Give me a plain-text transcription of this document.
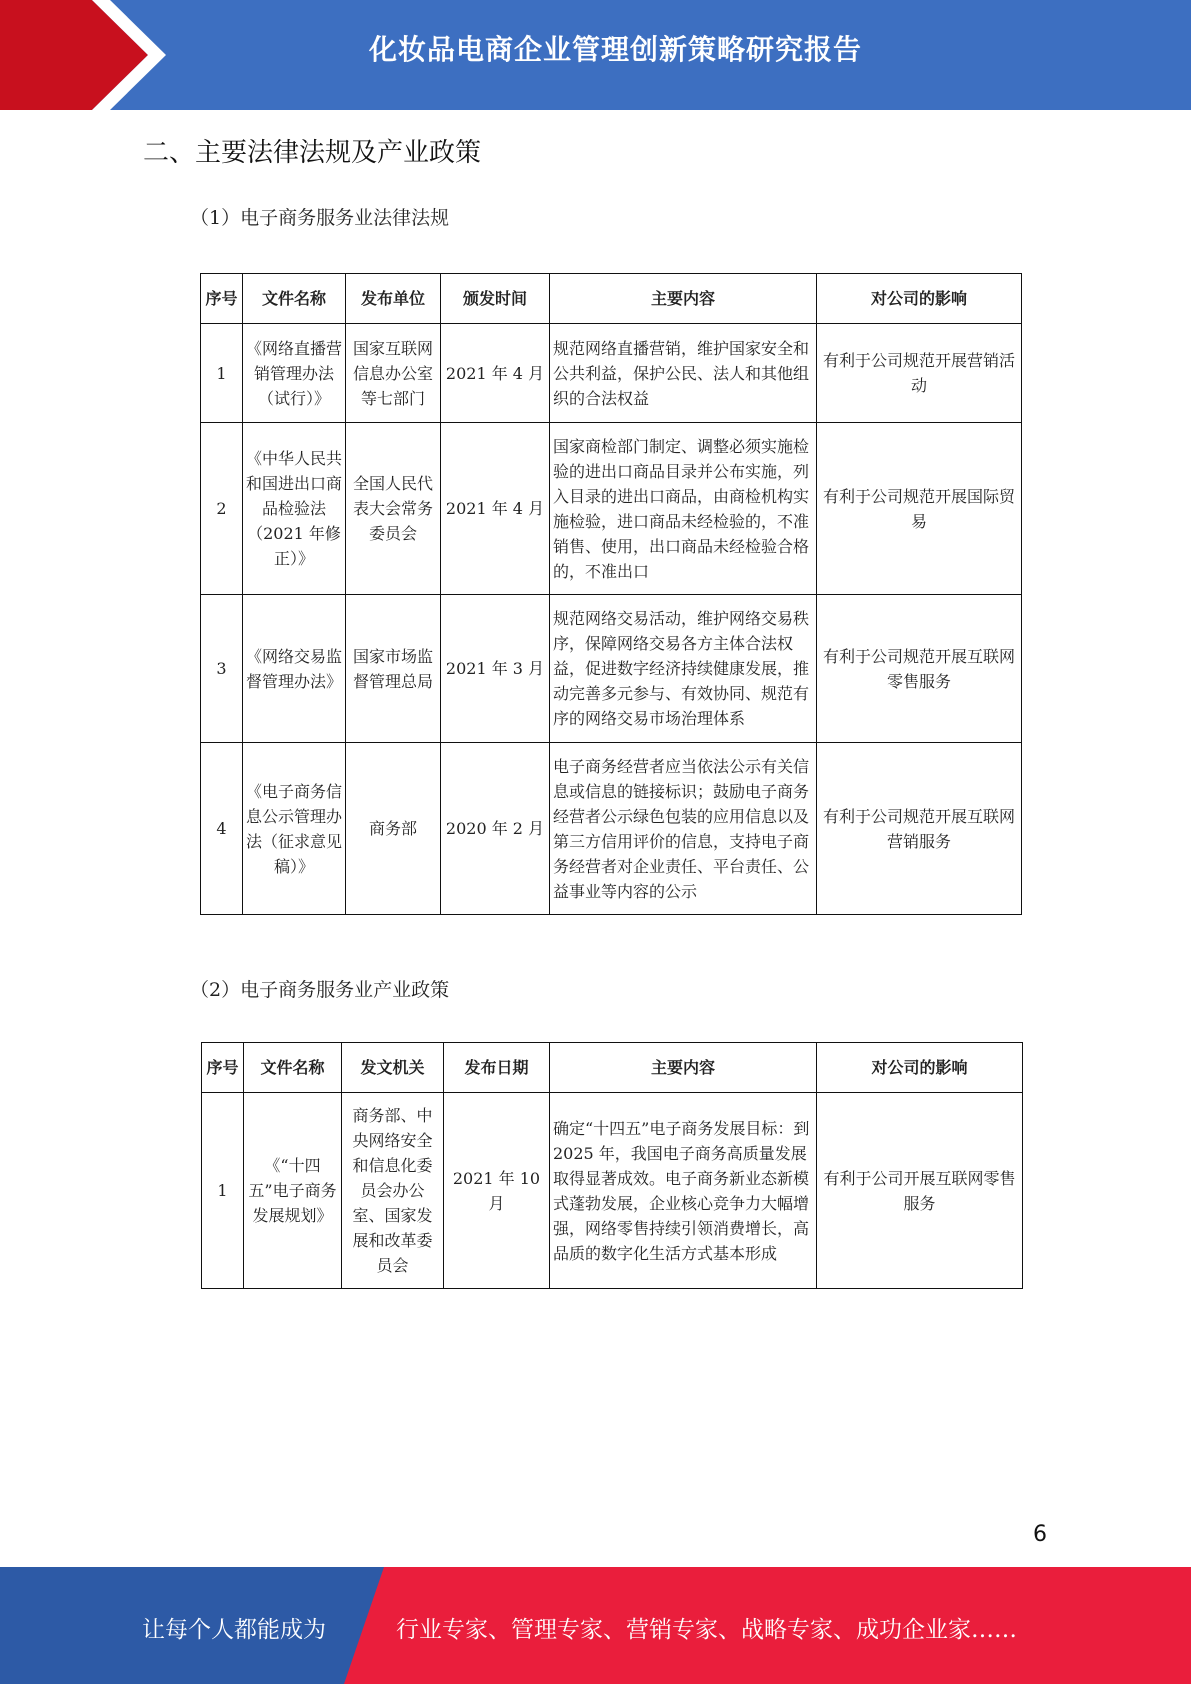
化妆品电商企业管理创新策略研究报告
二、主要法律法规及产业政策
（1）电子商务服务业法律法规
序号	文件名称	发布单位	颁发时间	主要内容	对公司的影响
1	《网络直播营销管理办法（试行）》	国家互联网信息办公室等七部门	2021 年 4 月	规范网络直播营销，维护国家安全和公共利益，保护公民、法人和其他组织的合法权益	有利于公司规范开展营销活动
2	《中华人民共和国进出口商品检验法（2021 年修正）》	全国人民代表大会常务委员会	2021 年 4 月	国家商检部门制定、调整必须实施检验的进出口商品目录并公布实施，列入目录的进出口商品，由商检机构实施检验，进口商品未经检验的，不准销售、使用，出口商品未经检验合格的，不准出口	有利于公司规范开展国际贸易
3	《网络交易监督管理办法》	国家市场监督管理总局	2021 年 3 月	规范网络交易活动，维护网络交易秩序，保障网络交易各方主体合法权益，促进数字经济持续健康发展，推动完善多元参与、有效协同、规范有序的网络交易市场治理体系	有利于公司规范开展互联网零售服务
4	《电子商务信息公示管理办法（征求意见稿）》	商务部	2020 年 2 月	电子商务经营者应当依法公示有关信息或信息的链接标识；鼓励电子商务经营者公示绿色包装的应用信息以及第三方信用评价的信息，支持电子商务经营者对企业责任、平台责任、公益事业等内容的公示	有利于公司规范开展互联网营销服务
（2）电子商务服务业产业政策
序号	文件名称	发文机关	发布日期	主要内容	对公司的影响
1	《“十四五”电子商务发展规划》	商务部、中央网络安全和信息化委员会办公室、国家发展和改革委员会	2021 年 10 月	确定“十四五”电子商务发展目标：到 2025 年，我国电子商务高质量发展取得显著成效。电子商务新业态新模式蓬勃发展，企业核心竞争力大幅增强，网络零售持续引领消费增长，高品质的数字化生活方式基本形成	有利于公司开展互联网零售服务
6
让每个人都能成为	行业专家、管理专家、营销专家、战略专家、成功企业家……
